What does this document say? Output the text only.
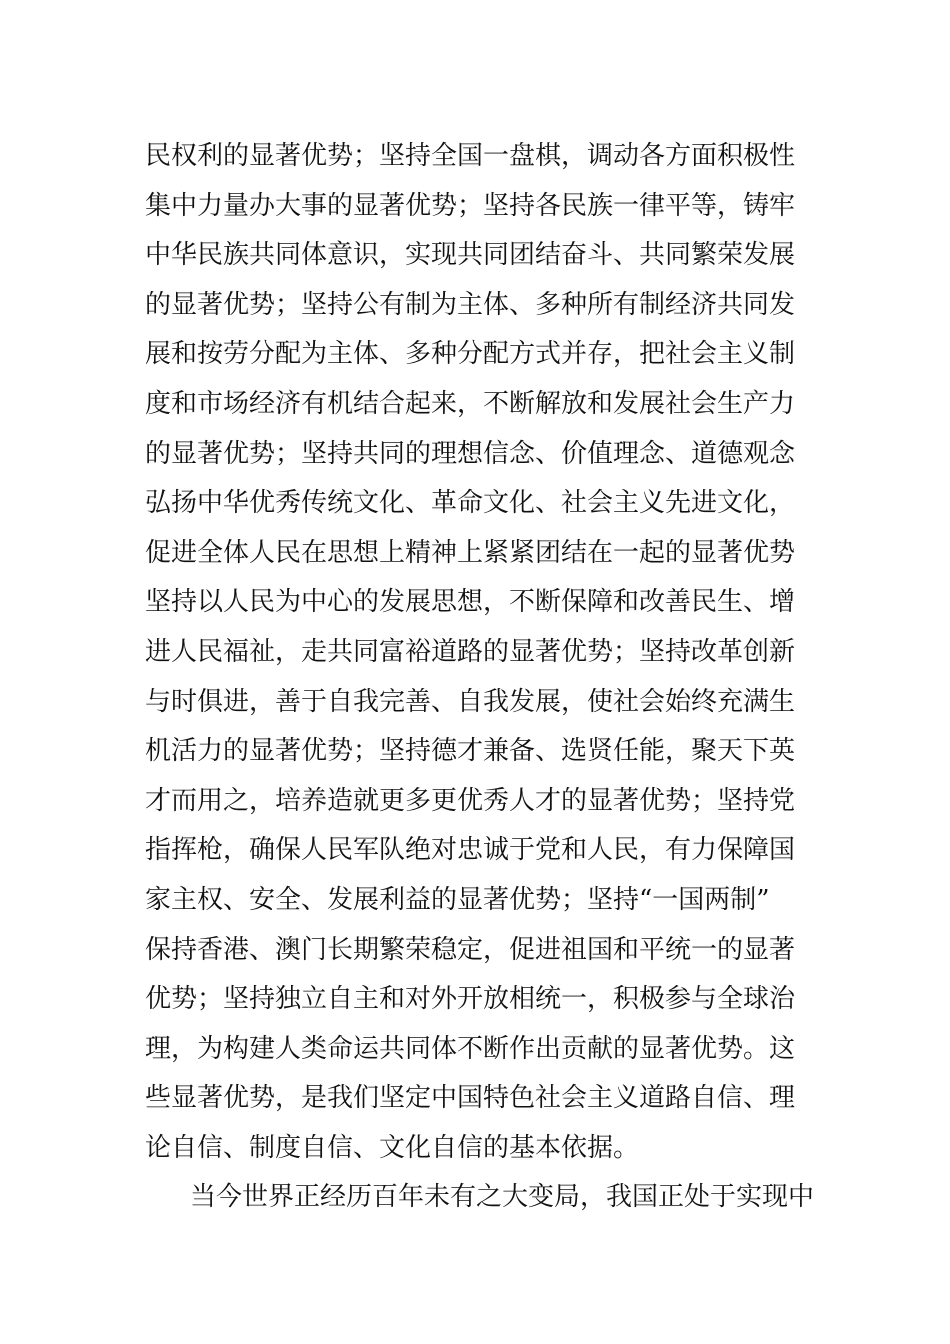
民权利的显著优势；坚持全国一盘棋，调动各方面积极性
集中力量办大事的显著优势；坚持各民族一律平等，铸牢
中华民族共同体意识，实现共同团结奋斗、共同繁荣发展
的显著优势；坚持公有制为主体、多种所有制经济共同发
展和按劳分配为主体、多种分配方式并存，把社会主义制
度和市场经济有机结合起来，不断解放和发展社会生产力
的显著优势；坚持共同的理想信念、价值理念、道德观念
弘扬中华优秀传统文化、革命文化、社会主义先进文化，
促进全体人民在思想上精神上紧紧团结在一起的显著优势
坚持以人民为中心的发展思想，不断保障和改善民生、增
进人民福祉，走共同富裕道路的显著优势；坚持改革创新
与时俱进，善于自我完善、自我发展，使社会始终充满生
机活力的显著优势；坚持德才兼备、选贤任能，聚天下英
才而用之，培养造就更多更优秀人才的显著优势；坚持党
指挥枪，确保人民军队绝对忠诚于党和人民，有力保障国
家主权、安全、发展利益的显著优势；坚持“一国两制”
保持香港、澳门长期繁荣稳定，促进祖国和平统一的显著
优势；坚持独立自主和对外开放相统一，积极参与全球治
理，为构建人类命运共同体不断作出贡献的显著优势。这
些显著优势，是我们坚定中国特色社会主义道路自信、理
论自信、制度自信、文化自信的基本依据。
当今世界正经历百年未有之大变局，我国正处于实现中
